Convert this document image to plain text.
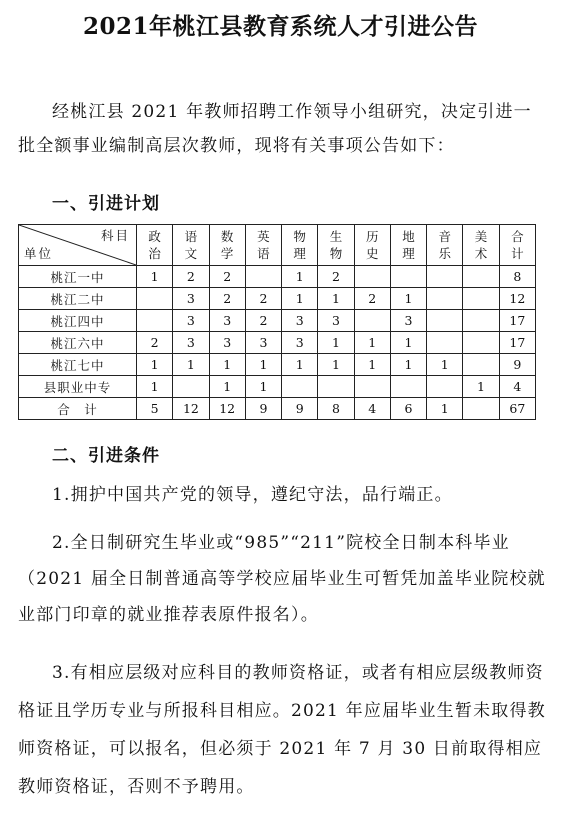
2021年桃江县教育系统人才引进公告
经桃江县 2021 年教师招聘工作领导小组研究，决定引进一批全额事业编制高层次教师，现将有关事项公告如下：
一、引进计划
科目
单位	政治	语文	数学	英语	物理	生物	历史	地理	音乐	美术	合计

桃江一中	1	2	2		1	2					8
桃江二中		3	2	2	1	1	2	1			12
桃江四中		3	3	2	3	3		3			17
桃江六中	2	3	3	3	3	1	1	1			17
桃江七中	1	1	1	1	1	1	1	1	1		9
县职业中专	1		1	1						1	4
合　计	5	12	12	9	9	8	4	6	1		67
二、引进条件
1.拥护中国共产党的领导，遵纪守法，品行端正。
2.全日制研究生毕业或“985”“211”院校全日制本科毕业（2021 届全日制普通高等学校应届毕业生可暂凭加盖毕业院校就业部门印章的就业推荐表原件报名）。
3.有相应层级对应科目的教师资格证，或者有相应层级教师资格证且学历专业与所报科目相应。2021 年应届毕业生暂未取得教师资格证，可以报名，但必须于 2021 年 7 月 30 日前取得相应教师资格证，否则不予聘用。
